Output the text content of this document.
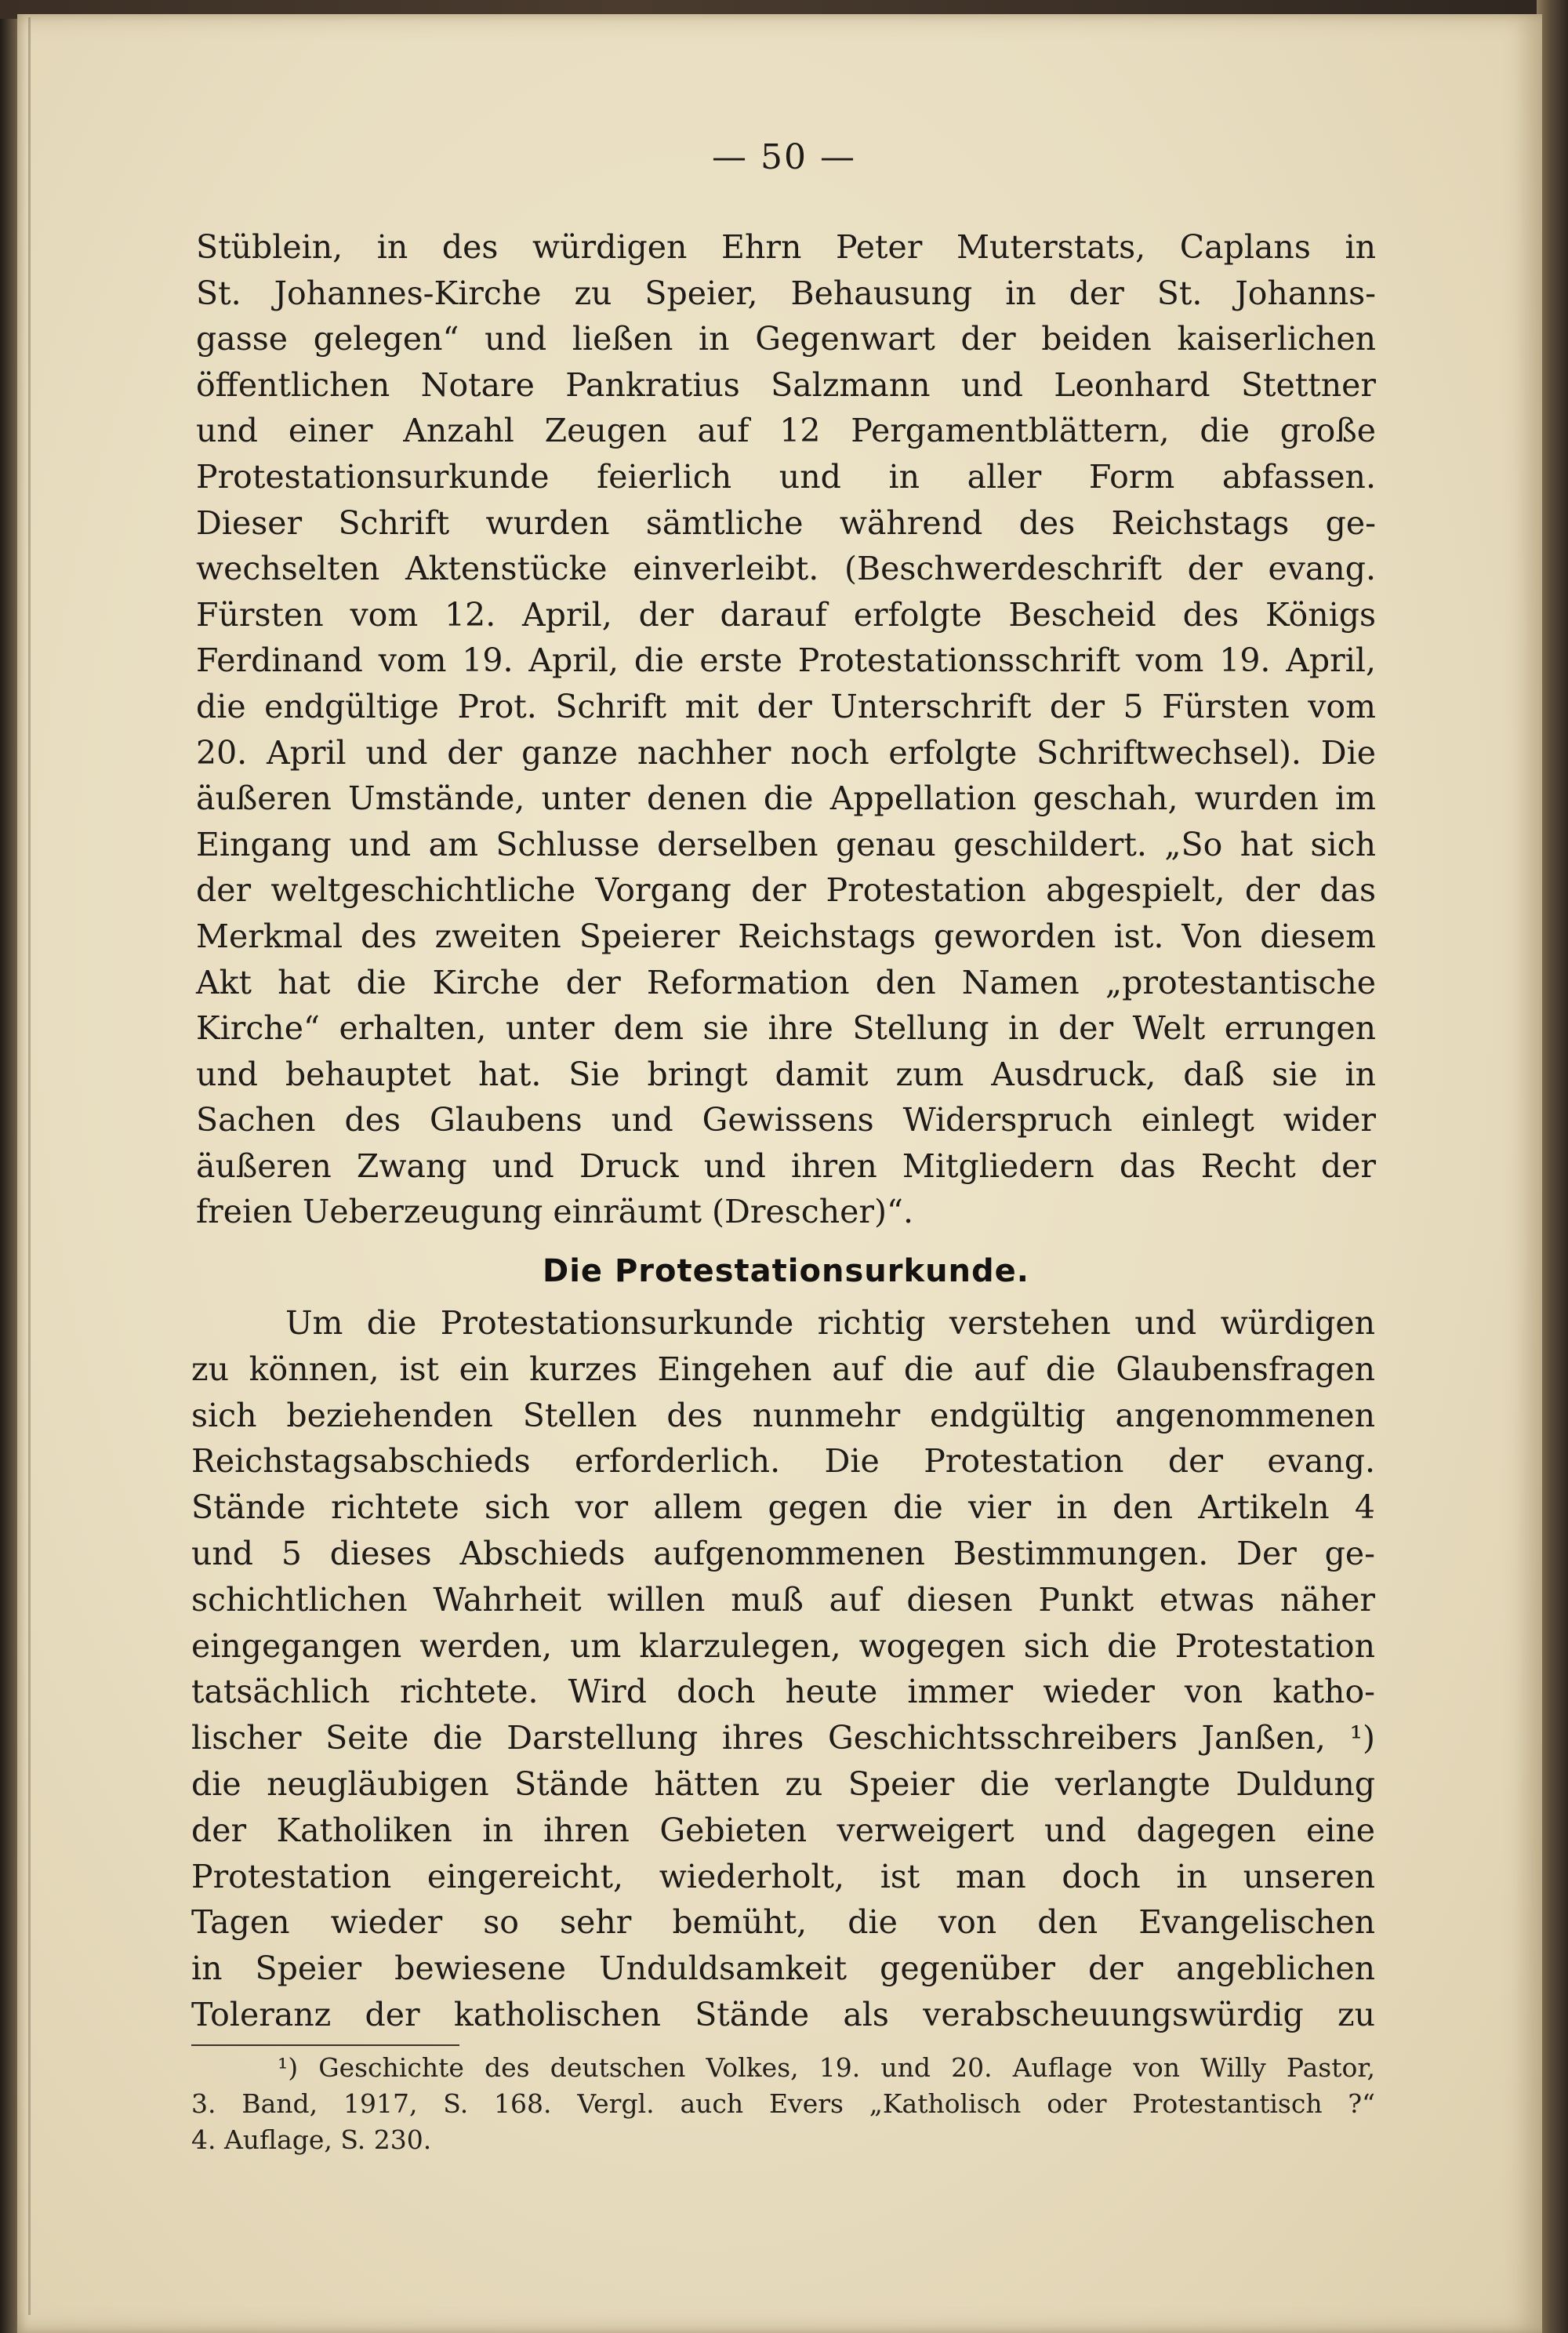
— 50 —
Stüblein, in des würdigen Ehrn Peter Muterstats, Caplans in
St. Johannes-Kirche zu Speier, Behausung in der St. Johanns-
gasse gelegen“ und ließen in Gegenwart der beiden kaiserlichen
öffentlichen Notare Pankratius Salzmann und Leonhard Stettner
und einer Anzahl Zeugen auf 12 Pergamentblättern, die große
Protestationsurkunde feierlich und in aller Form abfassen.
Dieser Schrift wurden sämtliche während des Reichstags ge-
wechselten Aktenstücke einverleibt. (Beschwerdeschrift der evang.
Fürsten vom 12. April, der darauf erfolgte Bescheid des Königs
Ferdinand vom 19. April, die erste Protestationsschrift vom 19. April,
die endgültige Prot. Schrift mit der Unterschrift der 5 Fürsten vom
20. April und der ganze nachher noch erfolgte Schriftwechsel). Die
äußeren Umstände, unter denen die Appellation geschah, wurden im
Eingang und am Schlusse derselben genau geschildert. „So hat sich
der weltgeschichtliche Vorgang der Protestation abgespielt, der das
Merkmal des zweiten Speierer Reichstags geworden ist. Von diesem
Akt hat die Kirche der Reformation den Namen „protestantische
Kirche“ erhalten, unter dem sie ihre Stellung in der Welt errungen
und behauptet hat. Sie bringt damit zum Ausdruck, daß sie in
Sachen des Glaubens und Gewissens Widerspruch einlegt wider
äußeren Zwang und Druck und ihren Mitgliedern das Recht der
freien Ueberzeugung einräumt (Drescher)“.
Die Protestationsurkunde.
Um die Protestationsurkunde richtig verstehen und würdigen
zu können, ist ein kurzes Eingehen auf die auf die Glaubensfragen
sich beziehenden Stellen des nunmehr endgültig angenommenen
Reichstagsabschieds erforderlich. Die Protestation der evang.
Stände richtete sich vor allem gegen die vier in den Artikeln 4
und 5 dieses Abschieds aufgenommenen Bestimmungen. Der ge-
schichtlichen Wahrheit willen muß auf diesen Punkt etwas näher
eingegangen werden, um klarzulegen, wogegen sich die Protestation
tatsächlich richtete. Wird doch heute immer wieder von katho-
lischer Seite die Darstellung ihres Geschichtsschreibers Janßen, ¹)
die neugläubigen Stände hätten zu Speier die verlangte Duldung
der Katholiken in ihren Gebieten verweigert und dagegen eine
Protestation eingereicht, wiederholt, ist man doch in unseren
Tagen wieder so sehr bemüht, die von den Evangelischen
in Speier bewiesene Unduldsamkeit gegenüber der angeblichen
Toleranz der katholischen Stände als verabscheuungswürdig zu
¹) Geschichte des deutschen Volkes, 19. und 20. Auflage von Willy Pastor,
3. Band, 1917, S. 168. Vergl. auch Evers „Katholisch oder Protestantisch ?“
4. Auflage, S. 230.
